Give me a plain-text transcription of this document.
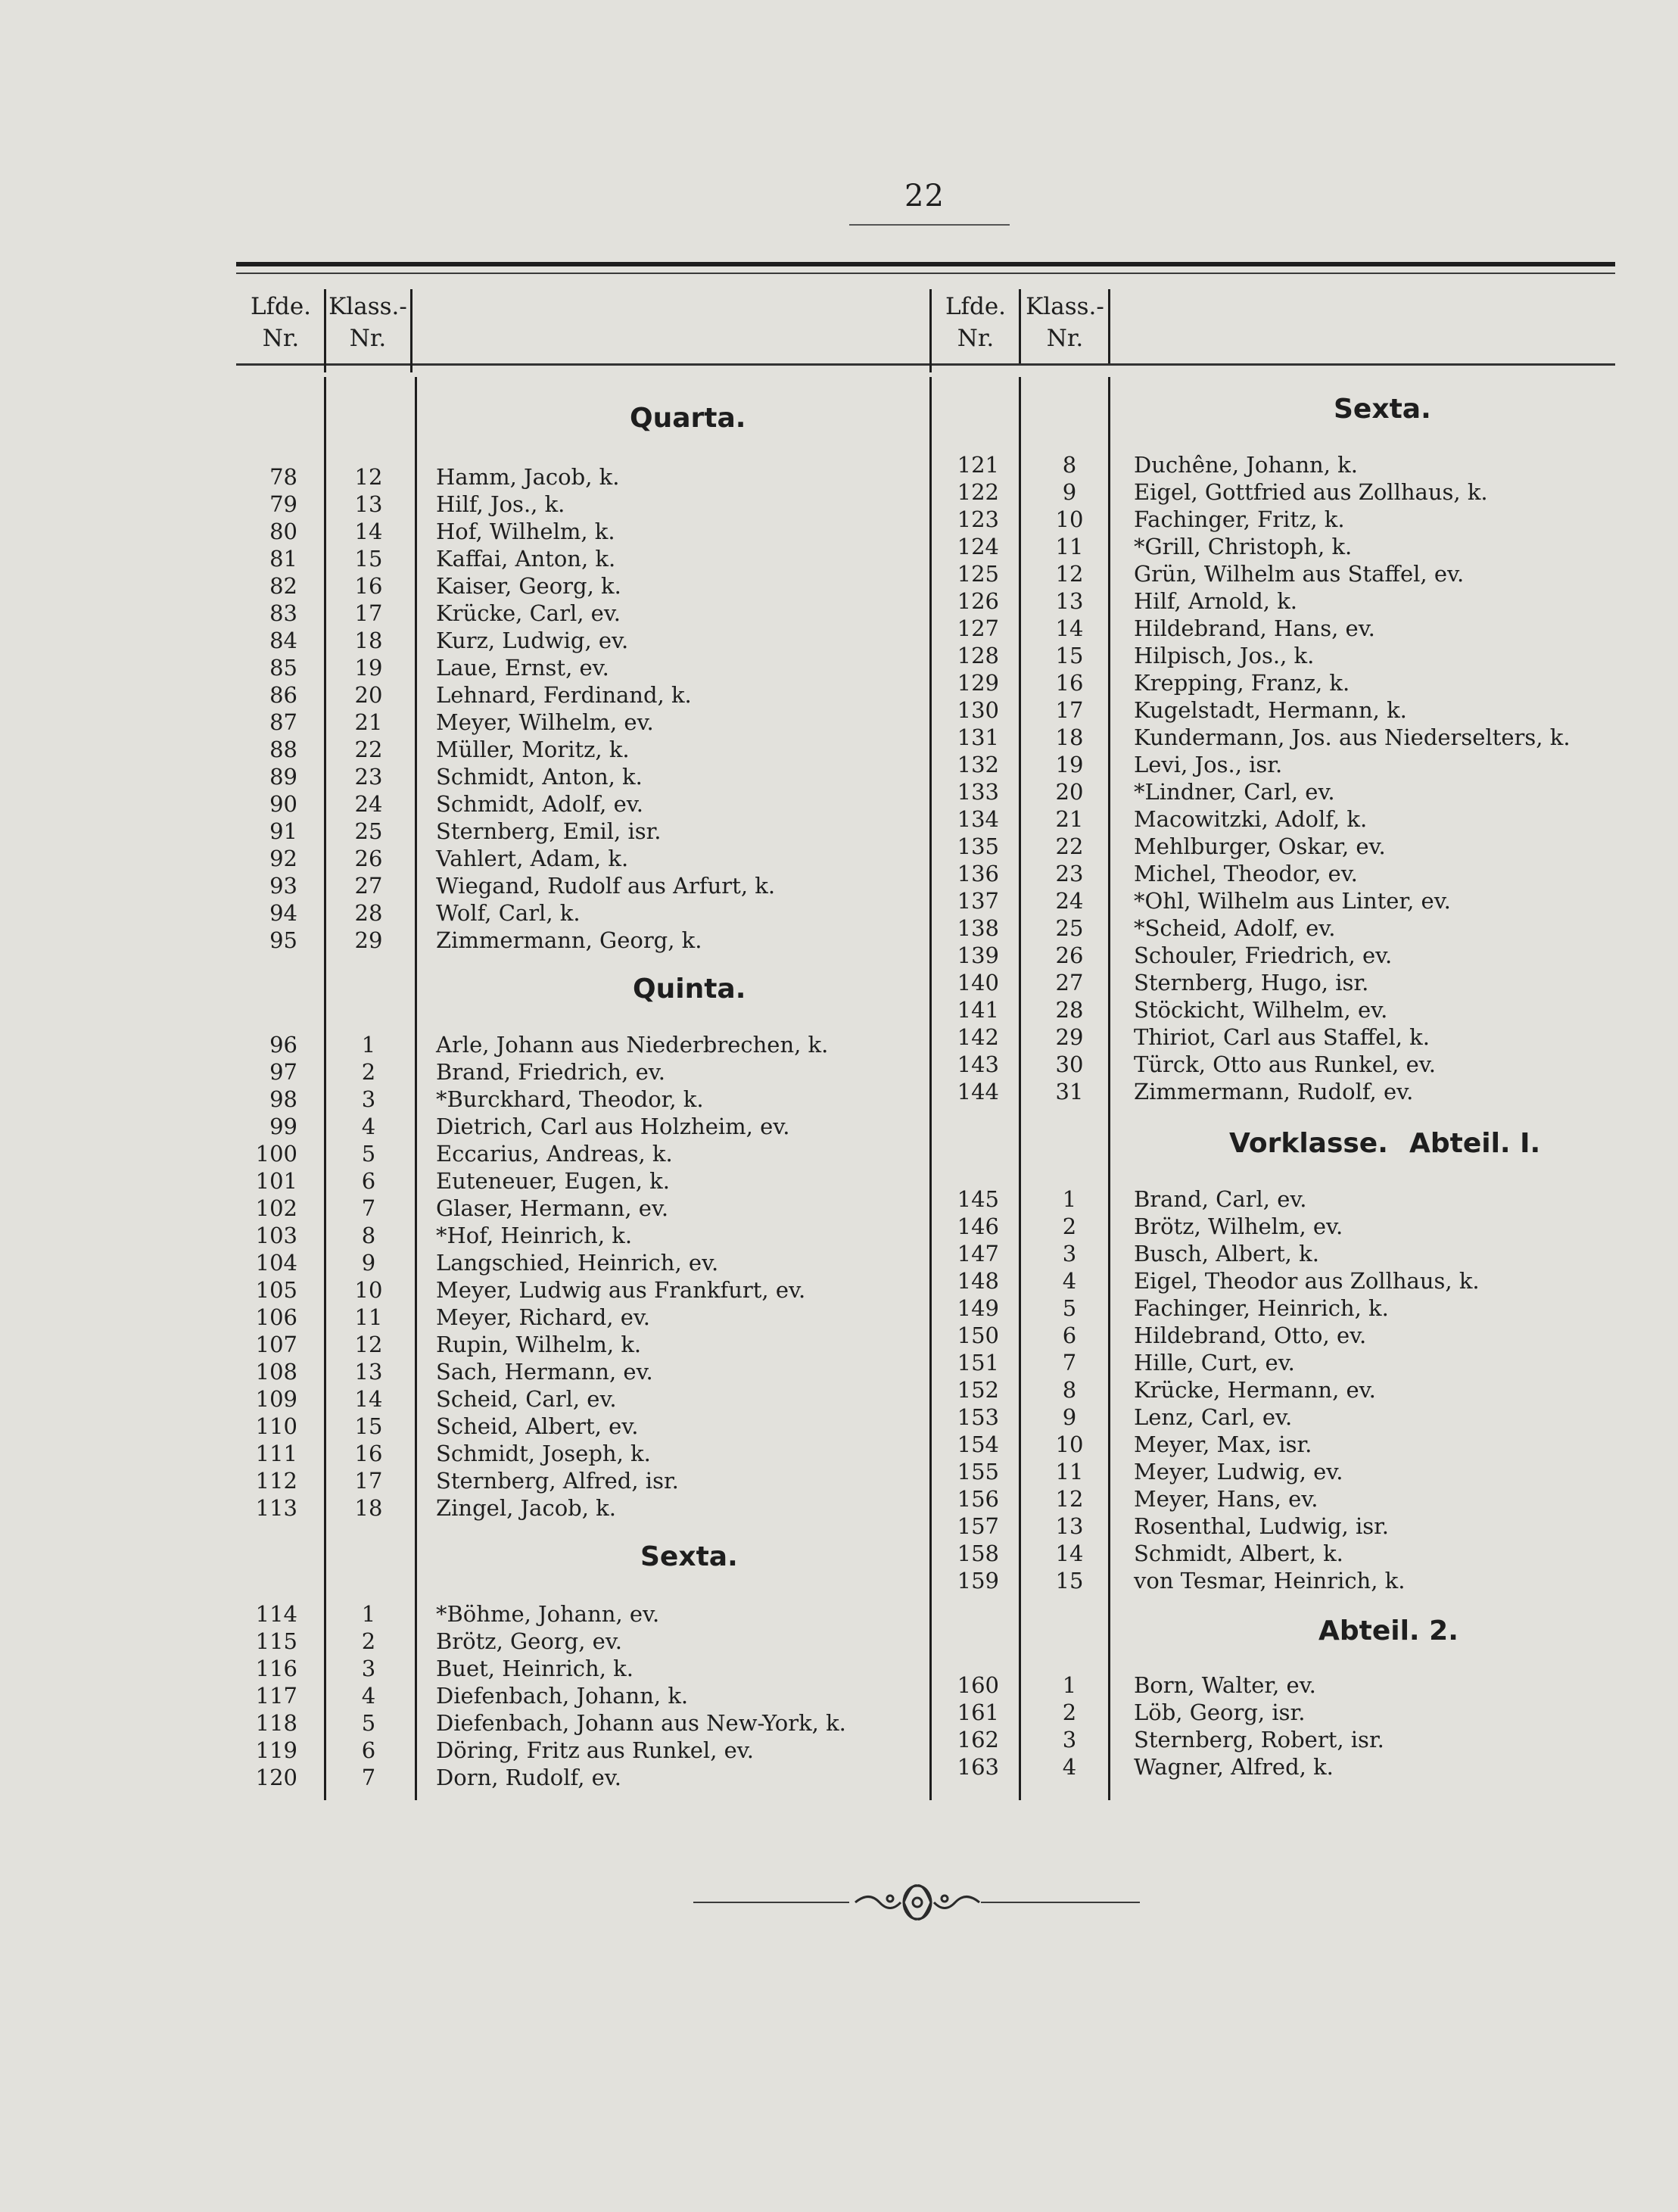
22
Lfde.
Nr.
Klass.-
Nr.
Lfde.
Nr.
Klass.-
Nr.
Quarta.
78	12	Hamm, Jacob, k.
79	13	Hilf, Jos., k.
80	14	Hof, Wilhelm, k.
81	15	Kaffai, Anton, k.
82	16	Kaiser, Georg, k.
83	17	Krücke, Carl, ev.
84	18	Kurz, Ludwig, ev.
85	19	Laue, Ernst, ev.
86	20	Lehnard, Ferdinand, k.
87	21	Meyer, Wilhelm, ev.
88	22	Müller, Moritz, k.
89	23	Schmidt, Anton, k.
90	24	Schmidt, Adolf, ev.
91	25	Sternberg, Emil, isr.
92	26	Vahlert, Adam, k.
93	27	Wiegand, Rudolf aus Arfurt, k.
94	28	Wolf, Carl, k.
95	29	Zimmermann, Georg, k.
Quinta.
96	1	Arle, Johann aus Niederbrechen, k.
97	2	Brand, Friedrich, ev.
98	3	*Burckhard, Theodor, k.
99	4	Dietrich, Carl aus Holzheim, ev.
100	5	Eccarius, Andreas, k.
101	6	Euteneuer, Eugen, k.
102	7	Glaser, Hermann, ev.
103	8	*Hof, Heinrich, k.
104	9	Langschied, Heinrich, ev.
105	10	Meyer, Ludwig aus Frankfurt, ev.
106	11	Meyer, Richard, ev.
107	12	Rupin, Wilhelm, k.
108	13	Sach, Hermann, ev.
109	14	Scheid, Carl, ev.
110	15	Scheid, Albert, ev.
111	16	Schmidt, Joseph, k.
112	17	Sternberg, Alfred, isr.
113	18	Zingel, Jacob, k.
Sexta.
114	1	*Böhme, Johann, ev.
115	2	Brötz, Georg, ev.
116	3	Buet, Heinrich, k.
117	4	Diefenbach, Johann, k.
118	5	Diefenbach, Johann aus New-York, k.
119	6	Döring, Fritz aus Runkel, ev.
120	7	Dorn, Rudolf, ev.
Sexta.
121	8	Duchêne, Johann, k.
122	9	Eigel, Gottfried aus Zollhaus, k.
123	10	Fachinger, Fritz, k.
124	11	*Grill, Christoph, k.
125	12	Grün, Wilhelm aus Staffel, ev.
126	13	Hilf, Arnold, k.
127	14	Hildebrand, Hans, ev.
128	15	Hilpisch, Jos., k.
129	16	Krepping, Franz, k.
130	17	Kugelstadt, Hermann, k.
131	18	Kundermann, Jos. aus Niederselters, k.
132	19	Levi, Jos., isr.
133	20	*Lindner, Carl, ev.
134	21	Macowitzki, Adolf, k.
135	22	Mehlburger, Oskar, ev.
136	23	Michel, Theodor, ev.
137	24	*Ohl, Wilhelm aus Linter, ev.
138	25	*Scheid, Adolf, ev.
139	26	Schouler, Friedrich, ev.
140	27	Sternberg, Hugo, isr.
141	28	Stöckicht, Wilhelm, ev.
142	29	Thiriot, Carl aus Staffel, k.
143	30	Türck, Otto aus Runkel, ev.
144	31	Zimmermann, Rudolf, ev.
Vorklasse. Abteil. I.
145	1	Brand, Carl, ev.
146	2	Brötz, Wilhelm, ev.
147	3	Busch, Albert, k.
148	4	Eigel, Theodor aus Zollhaus, k.
149	5	Fachinger, Heinrich, k.
150	6	Hildebrand, Otto, ev.
151	7	Hille, Curt, ev.
152	8	Krücke, Hermann, ev.
153	9	Lenz, Carl, ev.
154	10	Meyer, Max, isr.
155	11	Meyer, Ludwig, ev.
156	12	Meyer, Hans, ev.
157	13	Rosenthal, Ludwig, isr.
158	14	Schmidt, Albert, k.
159	15	von Tesmar, Heinrich, k.
Abteil. 2.
160	1	Born, Walter, ev.
161	2	Löb, Georg, isr.
162	3	Sternberg, Robert, isr.
163	4	Wagner, Alfred, k.
